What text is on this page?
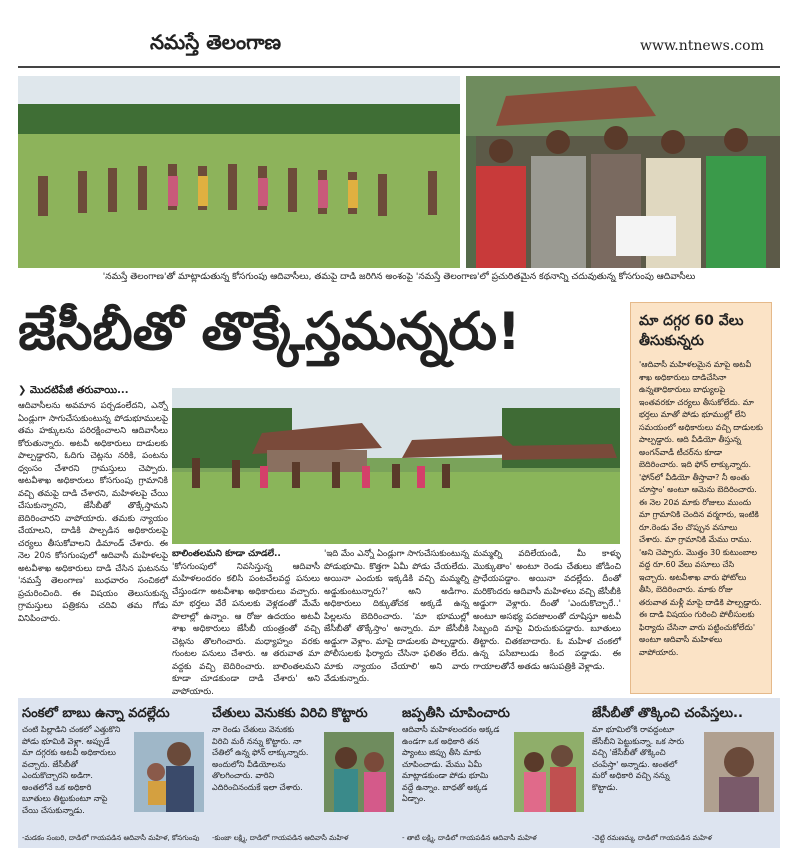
నమస్తే తెలంగాణ	www.ntnews.com
'నమస్తే తెలంగాణ'తో మాట్లాడుతున్న కోసగుంపు ఆదివాసీలు, తమపై దాడి జరిగిన అంశంపై 'నమస్తే తెలంగాణ'లో ప్రచురితమైన కథనాన్ని చదువుతున్న కోసగుంపు ఆదివాసీలు
జేసీబీతో తొక్కేస్తమన్నరు!	మా దగ్గర 60 వేలు తీసుకున్నరు
'ఆదివాసీ మహిళలమైన మాపై అటవీ శాఖ అధికారులు దాడిచేసినా ఉన్నతాధికారులు బాధ్యులపై ఇంతవరకూ చర్యలు తీసుకోలేదు. మా భర్తలు మాతో పోడు భూముల్లో లేని సమయంలో అధికారులు వచ్చి దాడులకు పాల్పడ్డారు. ఆది వీడియో తీస్తున్న అంగన్‌వాడీ టీచర్‌ను కూడా బెదిరించారు. ఇది ఫోన్ లాక్కున్నారు. 'ఫోన్‌లో వీడియో తీస్తావా? నీ అంతు చూస్తాం' అంటూ ఆమెను బెదిరించారు. ఈ నెల 20వ మాకు రోజులు ముందు మా గ్రామానికి చెందిన వర్మగారు, ఇంటికి రూ.రెండు వేల చొప్పున వసూలు చేశారు. మా గ్రామానికి మేము రాము. 'అని చెప్పారు. మొత్తం 30 కుటుంబాల వద్ద రూ.60 వేలు వసూలు చేసి ఇచ్చారు. అటవీశాఖ వారు ఫోటోలు తీసి, బెదిరించారు. మాకు రోజు తరువాత మళ్లీ మాపై దాడికి పాల్పడ్డారు. ఈ దాడి విషయం గురించి పోలీసులకు ఫిర్యాదు చేసినా వారు పట్టించుకోలేదు' అంటూ ఆదివాసీ మహిళలు వాపోయారు.
❯ మొదటిపేజీ తరువాయి...
ఆదివాసీలను అవమాన పర్చడంలేదని, ఎన్నో ఏండ్లుగా సాగుచేసుకుంటున్న పోడుభూములపై తమ హక్కులను పరిరక్షించాలని ఆదివాసీలు కోరుతున్నారు. అటవీ అధికారులు దాడులకు పాల్పడ్డారని, ఓదిగు చెట్లను నరికి, పంటను ధ్వంసం చేశారని గ్రామస్తులు చెప్పారు. అటవీశాఖ అధికారులు కోసగుంపు గ్రామానికి వచ్చి తమపై దాడి చేశారని, మహిళలపై చేయి చేసుకున్నారని, జేసీబీతో తొక్కేస్తామని బెదిరించారని వాపోయారు. తమకు న్యాయం చేయాలని, దాడికి పాల్పడిన అధికారులపై చర్యలు తీసుకోవాలని డిమాండ్ చేశారు. ఈ నెల 20న కోసగుంపులో ఆదివాసీ మహిళలపై అటవీశాఖ అధికారులు దాడి చేసిన ఘటనను 'నమస్తే తెలంగాణ' బుధవారం సంచికలో ప్రచురించింది. ఈ విషయం తెలుసుకున్న గ్రామస్తులు పత్రికను చదివి తమ గోడు వినిపించారు.
బాలింతలమని కూడా చూడలే..
'కోసగుంపులో నివసిస్తున్న ఆదివాసీ మహిళలందరం కలిసి పంటచేలవద్ద పనులు చేస్తుండగా అటవీశాఖ అధికారులు వచ్చారు. మా భర్తలు వేరే పనులకు వెళ్లడంతో మేమే పొలాల్లో ఉన్నాం. ఆ రోజు ఉదయం అటవీ శాఖ అధికారులు జేసీబీ యంత్రంతో వచ్చి చెట్లను తొలగించారు. మధ్యాహ్నం వరకు గుంటల పనులు చేశారు. ఆ తరువాత మా వద్దకు వచ్చి బెదిరించారు. బాలింతలమని కూడా చూడకుండా దాడి చేశారు' అని వాపోయారు.
'ఇది మేం ఎన్నో ఏండ్లుగా సాగుచేసుకుంటున్న పోడుభూమి. కొత్తగా ఏమీ పోడు చేయలేదు. అయినా ఎందుకు ఇక్కడికి వచ్చి మమ్మల్ని అడ్డుకుంటున్నారు?' అని అడిగాం. అధికారులు దిక్కుతోచక అక్కడే ఉన్న పిల్లలను బెదిరించారు. 'మా భూముల్లో జేసీబీతో తొక్కేస్తాం' అన్నారు. మా జేసీబీకి అడ్డుగా వెళ్లాం. మాపై దాడులకు పాల్పడ్డారు. పోలీసులకు ఫిర్యాదు చేసినా ఫలితం లేదు. మాకు న్యాయం చేయాలి' అని వారు వేడుకున్నారు.
మమ్మల్ని వదిలేయండి, మీ కాళ్ళు మొక్కుతాం' అంటూ రెండు చేతులు జోడించి ప్రాధేయపడ్డాం. అయినా వదల్లేదు. దీంతో మరికొందరు ఆదివాసీ మహిళలు వచ్చి జేసీబీకి అడ్డుగా వెళ్లారు. దీంతో 'ఎందుకొచ్చారే..' అంటూ అసభ్య పదజాలంతో దూషిస్తూ అటవీ సిబ్బంది మాపై విరుచుకుపడ్డారు. బూతులు తిట్టారు. చితకబాదారు. ఓ మహిళ చంకలో ఉన్న పసిబాలుడు కింద పడ్డాడు. ఈ గాయాలతోనే అతడు ఆసుపత్రికి వెళ్లాడు.
సంకలో బాబు ఉన్నా వదల్లేదు
చంటి పిల్లాడిని చంకలో ఎత్తుకొని పోడు భూమికి వెళ్లా. అప్పుడే మా దగ్గరకు అటవీ అధికారులు వచ్చారు. జేసీబీతో ఎందుకొచ్చారని అడిగా. అంతలోనే ఒక అధికారి బూతులు తిట్టుకుంటూ నాపై చేయి చేసుకున్నాడు.
-మడకం సంబరి, దాడిలో గాయపడిన ఆదివాసీ మహిళ, కోసగుంపు
చేతులు వెనుకకు విరిచి కొట్టారు
నా రెండు చేతులు వెనుకకు విరిచి మరీ నన్ను కొట్టారు. నా చేతిలో ఉన్న ఫోన్ లాక్కున్నారు. అందులోని వీడియోలను తొలగించారు. వారిని ఎదిరించినందుకే ఇలా చేశారు.
-కుంజా లక్ష్మి, దాడిలో గాయపడిన ఆదివాసీ మహిళ
జప్పతీసి చూపించారు
ఆదివాసీ మహిళలందరం అక్కడ ఉండగా ఒక అధికారి తన ప్యాంటు జిప్పు తీసి మాకు చూపించాడు. మేము ఏమీ మాట్లాడకుండా పోడు భూమి వద్దే ఉన్నాం. బాధతో అక్కడ ఏడ్చాం.
- తాటి లక్ష్మి, దాడిలో గాయపడిన ఆదివాసీ మహిళ
జేసీబీతో తొక్కించి చంపేస్తలు..
మా భూమిలోకి రావద్దంటూ జేసీబీని పెట్టుకున్నా. ఒక సారు వచ్చి 'జేసీబీతో తొక్కించి చంపేస్తా' అన్నాడు. అంతలో మరో అధికారి వచ్చి నన్ను కొట్టాడు.
-వెట్టి రమణమ్మ, దాడిలో గాయపడిన మహిళ
